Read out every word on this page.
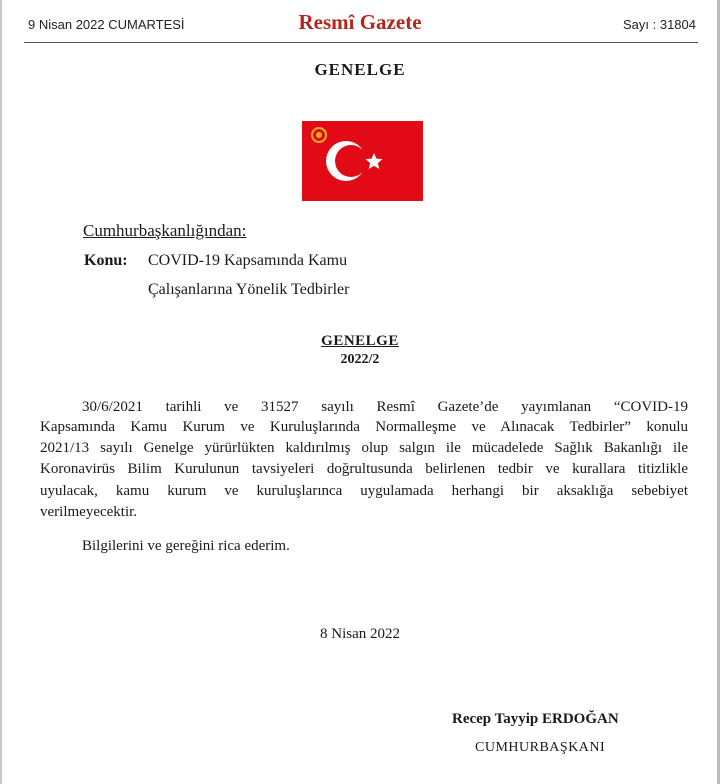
9 Nisan 2022 CUMARTESİ	Resmî Gazete	Sayı : 31804
GENELGE
Cumhurbaşkanlığından:
Konu: COVID-19 Kapsamında Kamu
Çalışanlarına Yönelik Tedbirler
GENELGE
2022/2
30/6/2021 tarihli ve 31527 sayılı Resmî Gazete’de yayımlanan “COVID-19
Kapsamında Kamu Kurum ve Kuruluşlarında Normalleşme ve Alınacak Tedbirler” konulu
2021/13 sayılı Genelge yürürlükten kaldırılmış olup salgın ile mücadelede Sağlık Bakanlığı ile
Koronavirüs Bilim Kurulunun tavsiyeleri doğrultusunda belirlenen tedbir ve kurallara titizlikle
uyulacak, kamu kurum ve kuruluşlarınca uygulamada herhangi bir aksaklığa sebebiyet
verilmeyecektir.
Bilgilerini ve gereğini rica ederim.
8 Nisan 2022
Recep Tayyip ERDOĞAN
CUMHURBAŞKANI
